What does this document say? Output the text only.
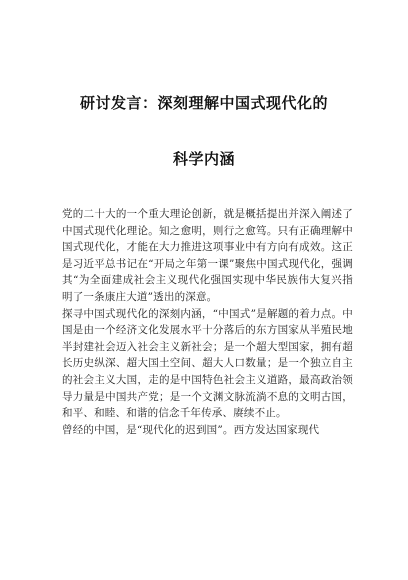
研讨发言：深刻理解中国式现代化的
科学内涵

党的二十大的一个重大理论创新，就是概括提出并深入阐述了中国式现代化理论。知之愈明，则行之愈笃。只有正确理解中国式现代化，才能在大力推进这项事业中有方向有成效。这正是习近平总书记在“开局之年第一课”聚焦中国式现代化，强调其“为全面建成社会主义现代化强国实现中华民族伟大复兴指明了一条康庄大道”透出的深意。

探寻中国式现代化的深刻内涵，“中国式”是解题的着力点。中国是由一个经济文化发展水平十分落后的东方国家从半殖民地半封建社会迈入社会主义新社会；是一个超大型国家，拥有超长历史纵深、超大国土空间、超大人口数量；是一个独立自主的社会主义大国，走的是中国特色社会主义道路，最高政治领导力量是中国共产党；是一个文渊文脉流淌不息的文明古国，和平、和睦、和谐的信念千年传承、赓续不止。

曾经的中国，是“现代化的迟到国”。西方发达国家现代
